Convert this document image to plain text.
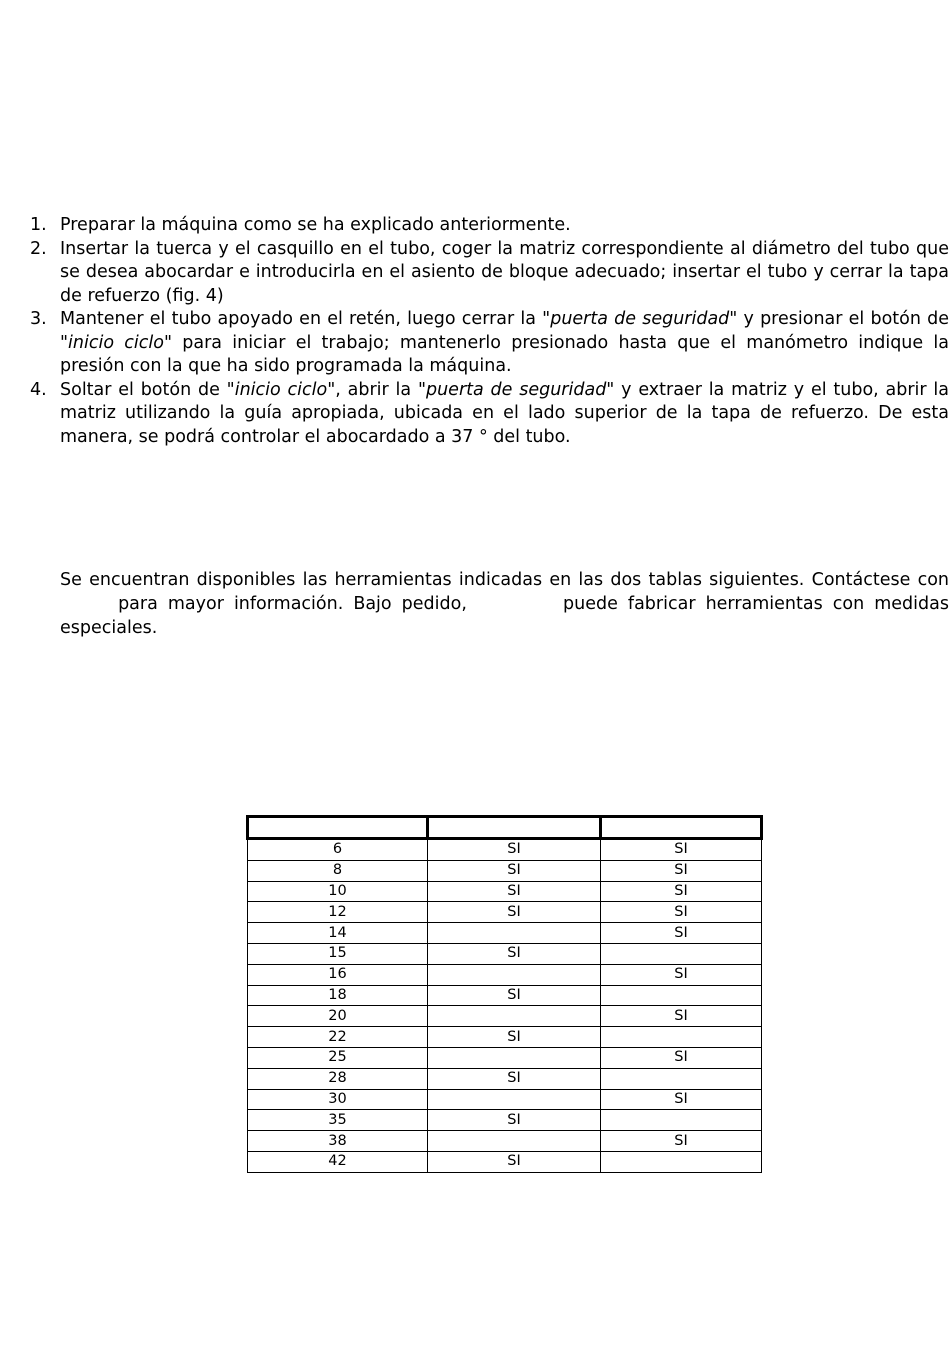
1. Preparar la máquina como se ha explicado anteriormente.
2. Insertar la tuerca y el casquillo en el tubo, coger la matriz correspondiente al diámetro del tubo que se desea abocardar e introducirla en el asiento de bloque adecuado; insertar el tubo y cerrar la tapa de refuerzo (fig. 4)
3. Mantener el tubo apoyado en el retén, luego cerrar la "puerta de seguridad" y presionar el botón de "inicio ciclo" para iniciar el trabajo; mantenerlo presionado hasta que el manómetro indique la presión con la que ha sido programada la máquina.
4. Soltar el botón de "inicio ciclo", abrir la "puerta de seguridad" y extraer la matriz y el tubo, abrir la matriz utilizando la guía apropiada, ubicada en el lado superior de la tapa de refuerzo. De esta manera, se podrá controlar el abocardado a 37 ° del tubo.

Se encuentran disponibles las herramientas indicadas en las dos tablas siguientes. Contáctese con  para mayor información. Bajo pedido,	puede fabricar herramientas con medidas especiales.

6	SI	SI
8	SI	SI
10	SI	SI
12	SI	SI
14		SI
15	SI	
16		SI
18	SI	
20		SI
22	SI	
25		SI
28	SI	
30		SI
35	SI	
38		SI
42	SI	
